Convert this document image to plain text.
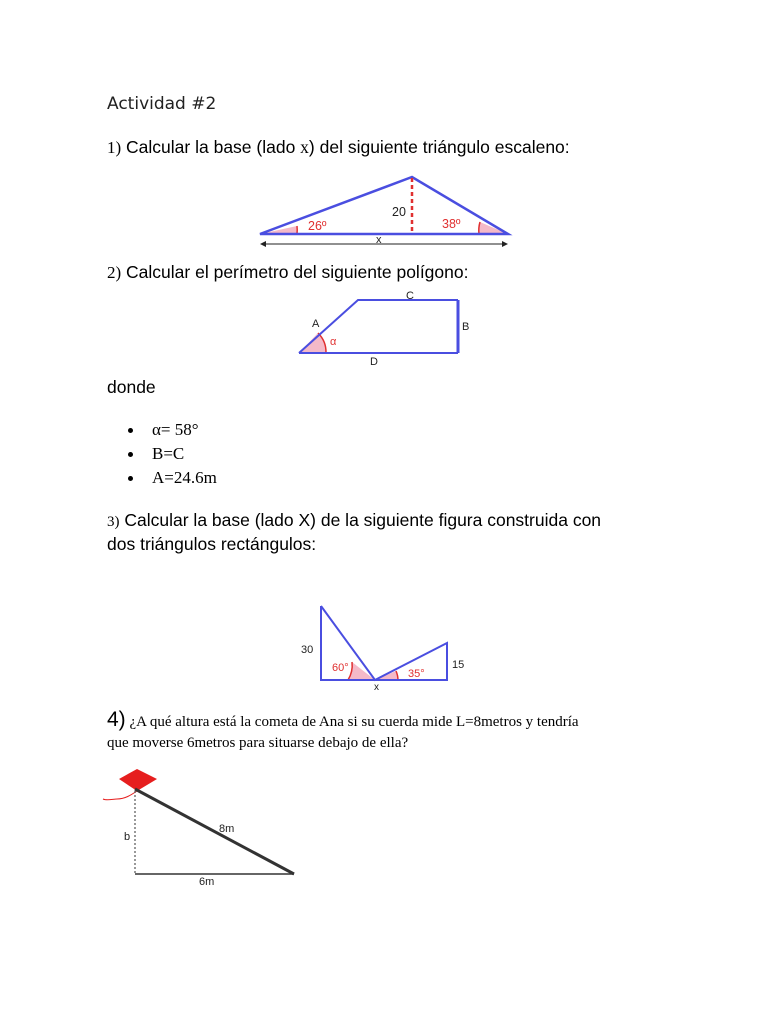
Actividad #2
1) Calcular la base (lado x) del siguiente triángulo escaleno:
26º	38º
20
x
2) Calcular el perímetro del siguiente polígono:
A	B
C
D
α
donde
α= 58°
B=C
A=24.6m
3) Calcular la base (lado X) de la siguiente figura construida con
dos triángulos rectángulos:
30
60°	35°
15
x
4) ¿A qué altura está la cometa de Ana si su cuerda mide L=8metros y tendría
que moverse 6metros para situarse debajo de ella?
8m
6m
b
